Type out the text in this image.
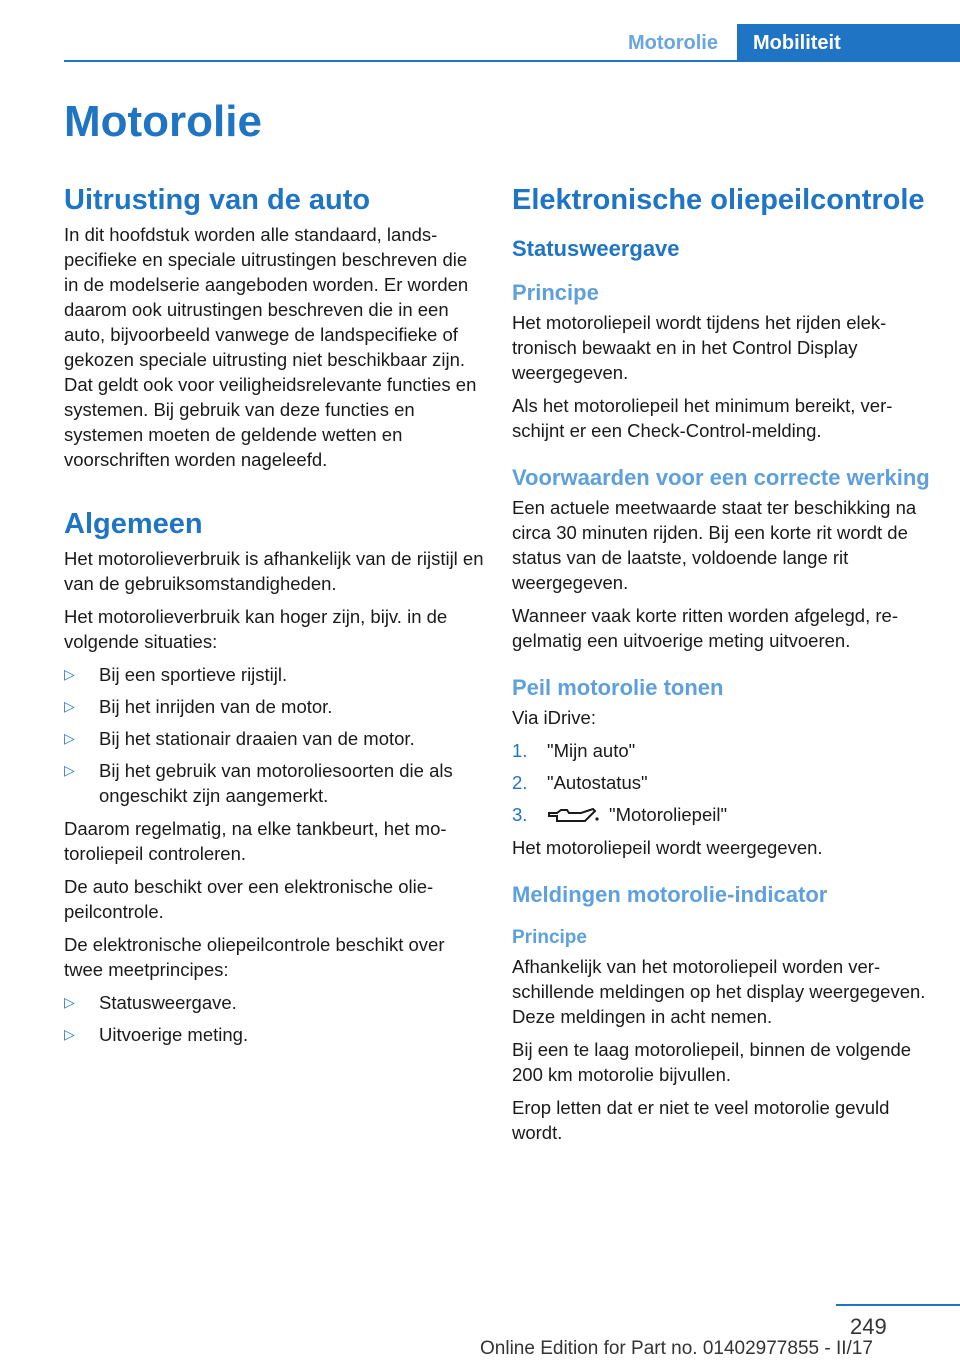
Motorolie	Mobiliteit
Motorolie
Uitrusting van de auto

In dit hoofdstuk worden alle standaard, landspecifieke en speciale uitrustingen beschreven die in de modelserie aangeboden worden. Er worden daarom ook uitrustingen beschreven die in een auto, bijvoorbeeld vanwege de landspecifieke of gekozen speciale uitrusting niet beschikbaar zijn. Dat geldt ook voor veiligheidsrelevante functies en systemen. Bij gebruik van deze functies en systemen moeten de geldende wetten en voorschriften worden nageleefd.

Algemeen

Het motorolieverbruik is afhankelijk van de rijstijl en van de gebruiksomstandigheden.

Het motorolieverbruik kan hoger zijn, bijv. in de volgende situaties:

▷ Bij een sportieve rijstijl.
▷ Bij het inrijden van de motor.
▷ Bij het stationair draaien van de motor.
▷ Bij het gebruik van motoroliesoorten die als ongeschikt zijn aangemerkt.

Daarom regelmatig, na elke tankbeurt, het motoroliepeil controleren.

De auto beschikt over een elektronische oliepeilcontrole.

De elektronische oliepeilcontrole beschikt over twee meetprincipes:

▷ Statusweergave.
▷ Uitvoerige meting.
Elektronische oliepeilcontrole
Statusweergave
Principe

Het motoroliepeil wordt tijdens het rijden elektronisch bewaakt en in het Control Display weergegeven.

Als het motoroliepeil het minimum bereikt, verschijnt er een Check-Control-melding.

Voorwaarden voor een correcte werking

Een actuele meetwaarde staat ter beschikking na circa 30 minuten rijden. Bij een korte rit wordt de status van de laatste, voldoende lange rit weergegeven.

Wanneer vaak korte ritten worden afgelegd, regelmatig een uitvoerige meting uitvoeren.

Peil motorolie tonen

Via iDrive:

1. "Mijn auto"
2. "Autostatus"
3.	"Motoroliepeil"

Het motoroliepeil wordt weergegeven.

Meldingen motorolie-indicator
Principe

Afhankelijk van het motoroliepeil worden verschillende meldingen op het display weergegeven. Deze meldingen in acht nemen.

Bij een te laag motoroliepeil, binnen de volgende 200 km motorolie bijvullen.

Erop letten dat er niet te veel motorolie gevuld wordt.

249
Online Edition for Part no. 01402977855 - II/17
